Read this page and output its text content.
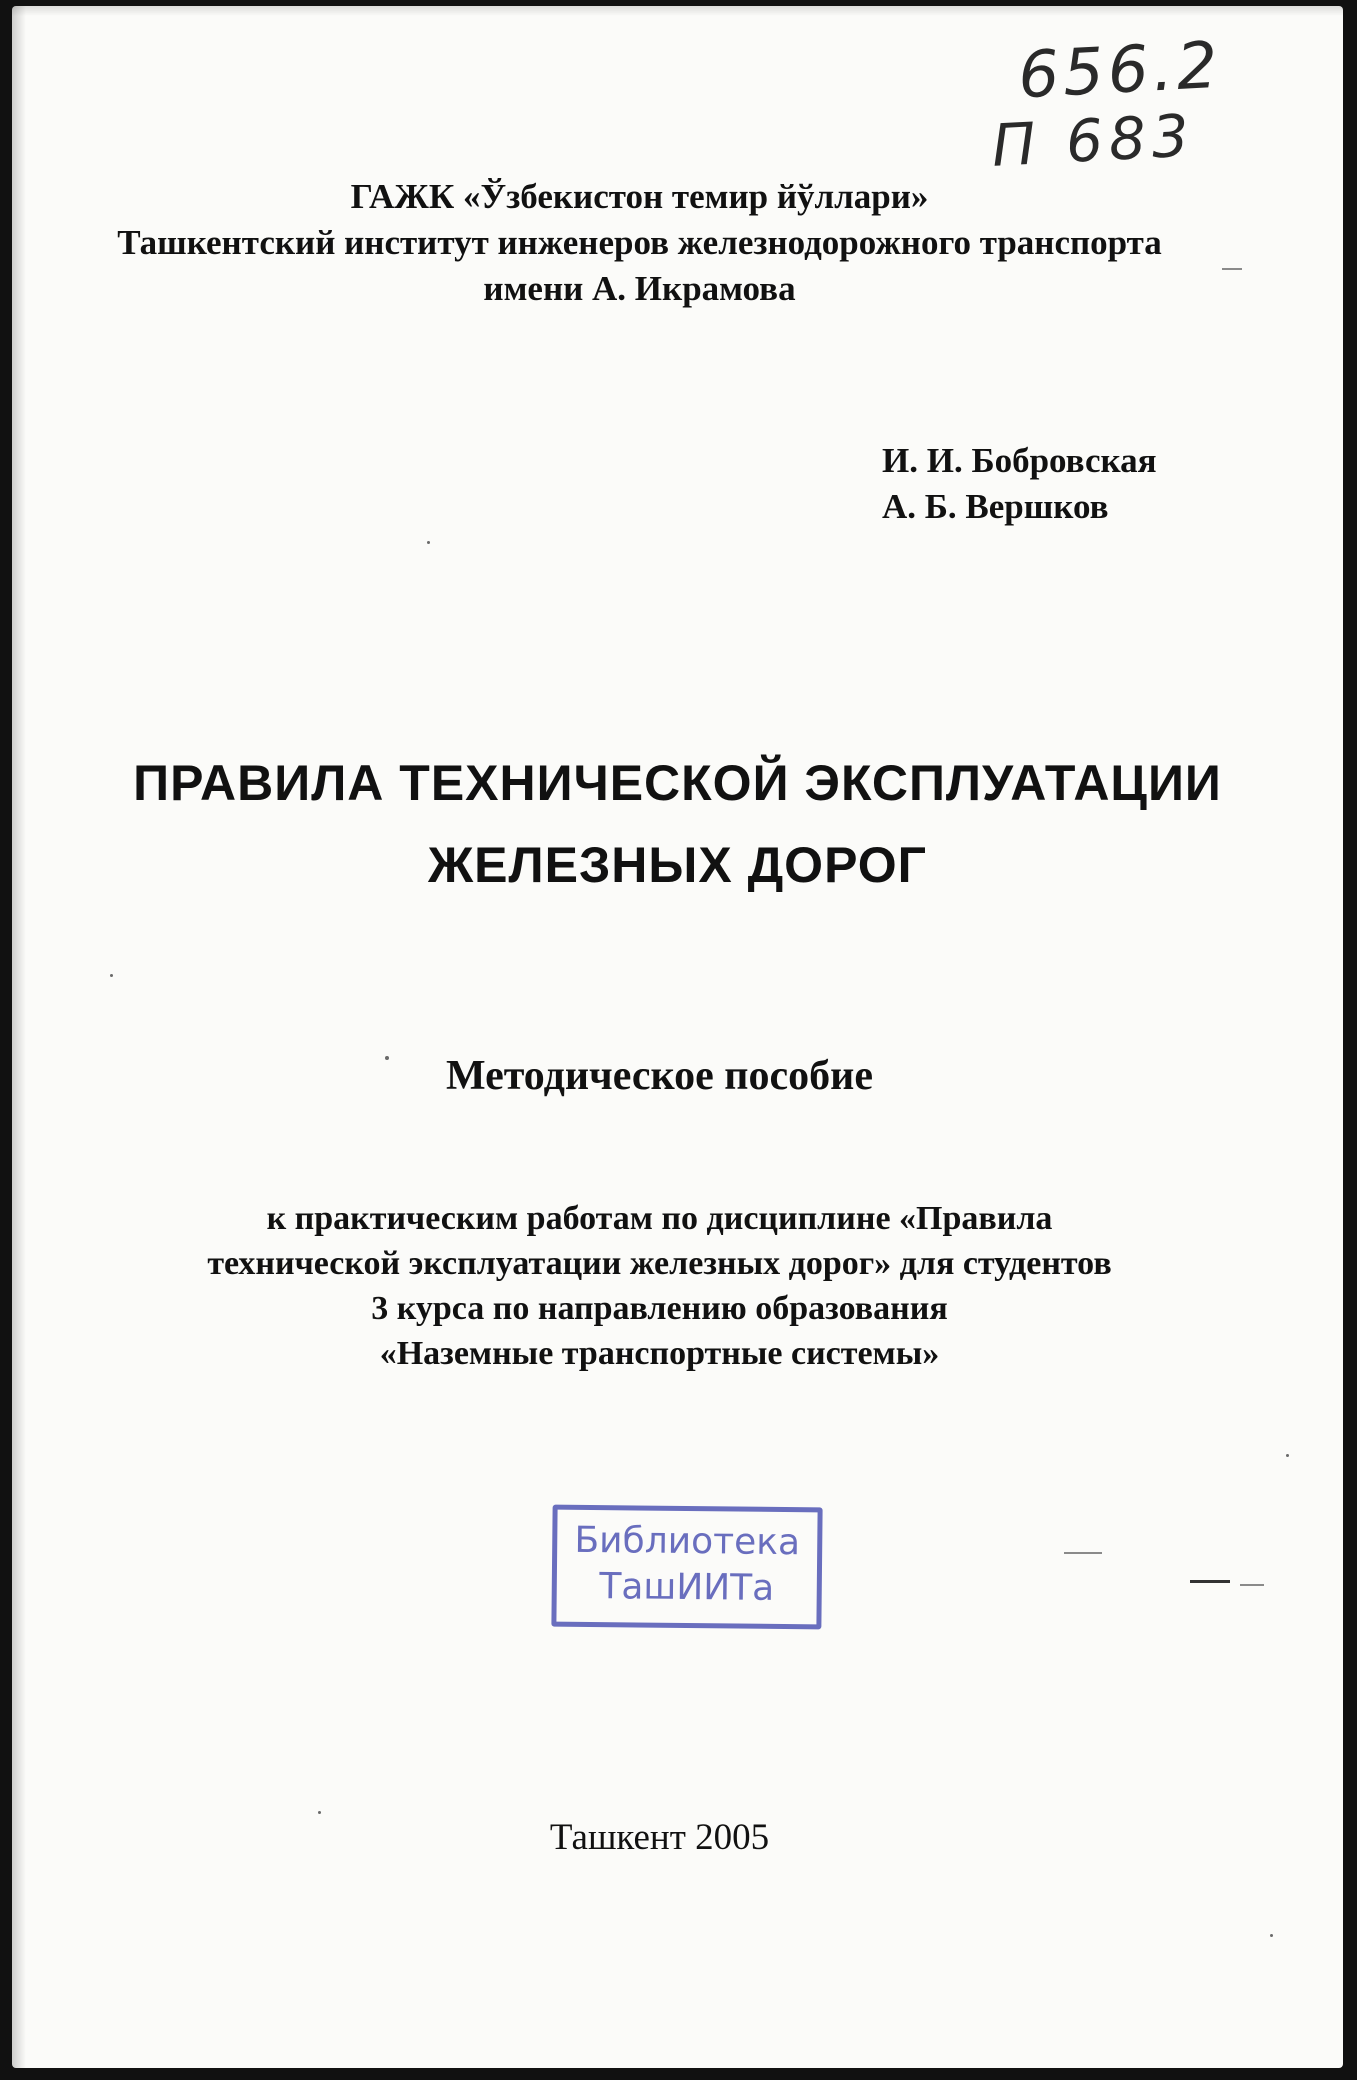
656.2
П 683
ГАЖК «Ўзбекистон темир йўллари»
Ташкентский институт инженеров железнодорожного транспорта
имени А. Икрамова
И. И. Бобровская
А. Б. Вершков
ПРАВИЛА ТЕХНИЧЕСКОЙ ЭКСПЛУАТАЦИИ
ЖЕЛЕЗНЫХ ДОРОГ
Методическое пособие
к практическим работам по дисциплине «Правила
технической эксплуатации железных дорог» для студентов
3 курса по направлению образования
«Наземные транспортные системы»
Библиотека
ТашИИТа
Ташкент 2005
